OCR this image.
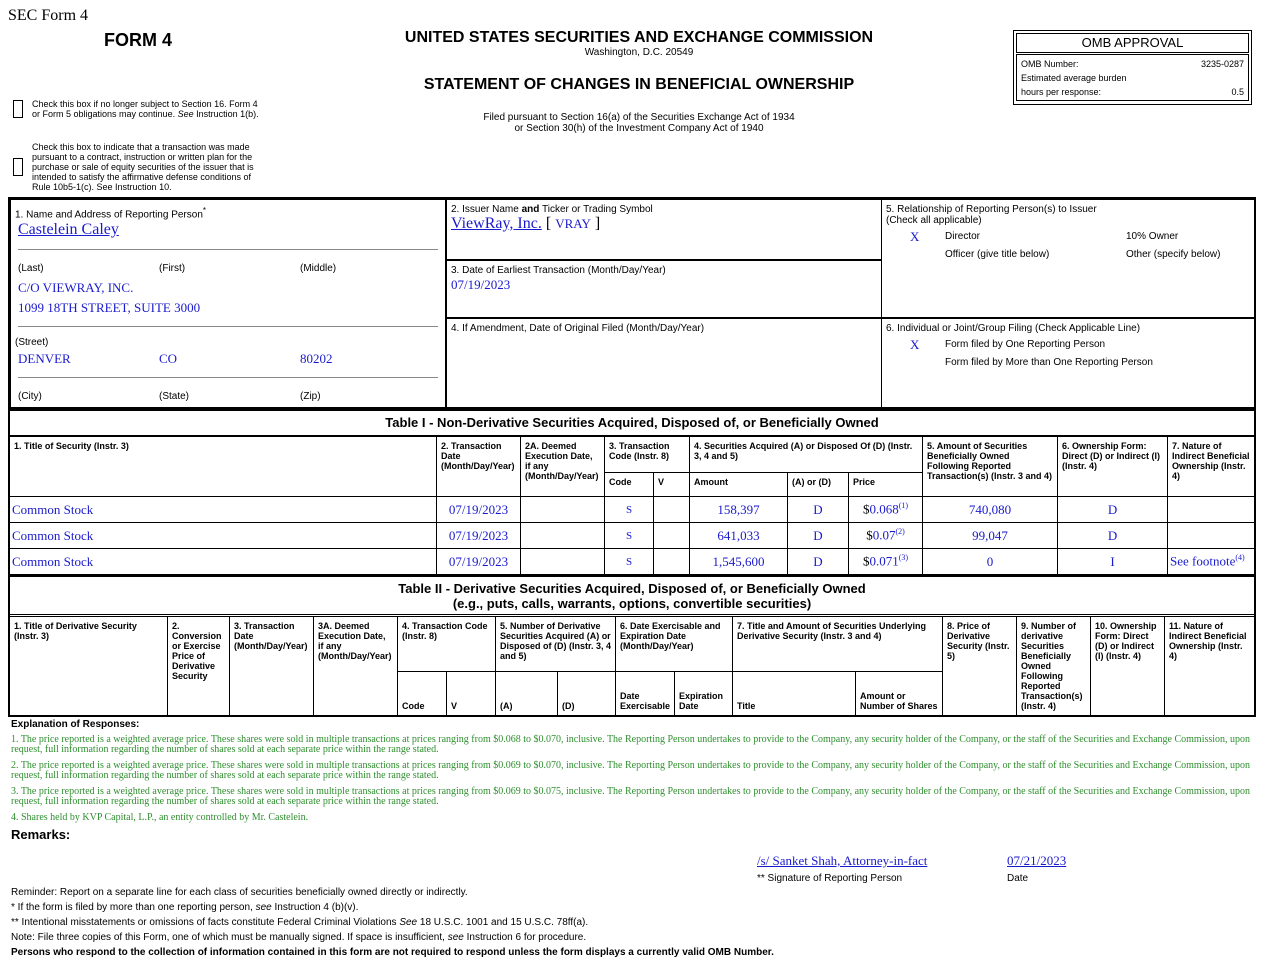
SEC Form 4
FORM 4	UNITED STATES SECURITIES AND EXCHANGE COMMISSION
Washington, D.C. 20549
STATEMENT OF CHANGES IN BENEFICIAL OWNERSHIP
Filed pursuant to Section 16(a) of the Securities Exchange Act of 1934
or Section 30(h) of the Investment Company Act of 1940
Check this box if no longer subject to Section 16. Form 4
or Form 5 obligations may continue. See Instruction 1(b).
Check this box to indicate that a transaction was made pursuant to a contract, instruction or written plan for the purchase or sale of equity securities of the issuer that is intended to satisfy the affirmative defense conditions of Rule 10b5-1(c). See Instruction 10.
OMB APPROVAL
OMB Number:	3235-0287
Estimated average burden
hours per response:	0.5
1. Name and Address of Reporting Person*
Castelein Caley
(Last)	(First)	(Middle)
C/O VIEWRAY, INC.
1099 18TH STREET, SUITE 3000
(Street)
DENVER	CO	80202
(City)	(State)	(Zip)
2. Issuer Name and Ticker or Trading Symbol
ViewRay, Inc. [ VRAY ]
3. Date of Earliest Transaction (Month/Day/Year)
07/19/2023
4. If Amendment, Date of Original Filed (Month/Day/Year)
5. Relationship of Reporting Person(s) to Issuer
(Check all applicable)
X	Director	10% Owner
Officer (give title below)	Other (specify below)
6. Individual or Joint/Group Filing (Check Applicable Line)
X	Form filed by One Reporting Person
Form filed by More than One Reporting Person
Table I - Non-Derivative Securities Acquired, Disposed of, or Beneficially Owned
1. Title of Security (Instr. 3)	2. Transaction Date (Month/Day/Year)	2A. Deemed Execution Date, if any (Month/Day/Year)	3. Transaction Code (Instr. 8)		4. Securities Acquired (A) or Disposed Of (D) (Instr. 3, 4 and 5)			5. Amount of Securities Beneficially Owned Following Reported Transaction(s) (Instr. 3 and 4)	6. Ownership Form: Direct (D) or Indirect (I) (Instr. 4)	7. Nature of Indirect Beneficial Ownership (Instr. 4)
			Code	V	Amount	(A) or (D)	Price			
Common Stock	07/19/2023		S		158,397	D	$0.068$^{(1)}$	740,080	D	
Common Stock	07/19/2023		S		641,033	D	$0.07$^{(2)}$	99,047	D	
Common Stock	07/19/2023		S		1,545,600	D	$0.071$^{(3)}$	0	I	See footnote$^{(4)}$
Table II - Derivative Securities Acquired, Disposed of, or Beneficially Owned
(e.g., puts, calls, warrants, options, convertible securities)
1. Title of Derivative Security (Instr. 3)	2. Conversion or Exercise Price of Derivative Security	3. Transaction Date (Month/Day/Year)	3A. Deemed Execution Date, if any (Month/Day/Year)	4. Transaction Code (Instr. 8)		5. Number of Derivative Securities Acquired (A) or Disposed of (D) (Instr. 3, 4 and 5)		6. Date Exercisable and Expiration Date (Month/Day/Year)		7. Title and Amount of Securities Underlying Derivative Security (Instr. 3 and 4)		8. Price of Derivative Security (Instr. 5)	9. Number of derivative Securities Beneficially Owned Following Reported Transaction(s) (Instr. 4)	10. Ownership Form: Direct (D) or Indirect (I) (Instr. 4)	11. Nature of Indirect Beneficial Ownership (Instr. 4)
				Code	V	(A)	(D)	Date Exercisable	Expiration Date	Title	Amount or Number of Shares				
Explanation of Responses:
1. The price reported is a weighted average price. These shares were sold in multiple transactions at prices ranging from $0.068 to $0.070, inclusive. The Reporting Person undertakes to provide to the Company, any security holder of the Company, or the staff of the Securities and Exchange Commission, upon request, full information regarding the number of shares sold at each separate price within the range stated.
2. The price reported is a weighted average price. These shares were sold in multiple transactions at prices ranging from $0.069 to $0.070, inclusive. The Reporting Person undertakes to provide to the Company, any security holder of the Company, or the staff of the Securities and Exchange Commission, upon request, full information regarding the number of shares sold at each separate price within the range stated.
3. The price reported is a weighted average price. These shares were sold in multiple transactions at prices ranging from $0.069 to $0.075, inclusive. The Reporting Person undertakes to provide to the Company, any security holder of the Company, or the staff of the Securities and Exchange Commission, upon request, full information regarding the number of shares sold at each separate price within the range stated.
4. Shares held by KVP Capital, L.P., an entity controlled by Mr. Castelein.
Remarks:
/s/ Sanket Shah, Attorney-in-fact	07/21/2023
** Signature of Reporting Person	Date
Reminder: Report on a separate line for each class of securities beneficially owned directly or indirectly.
* If the form is filed by more than one reporting person, see Instruction 4 (b)(v).
** Intentional misstatements or omissions of facts constitute Federal Criminal Violations See 18 U.S.C. 1001 and 15 U.S.C. 78ff(a).
Note: File three copies of this Form, one of which must be manually signed. If space is insufficient, see Instruction 6 for procedure.
Persons who respond to the collection of information contained in this form are not required to respond unless the form displays a currently valid OMB Number.
